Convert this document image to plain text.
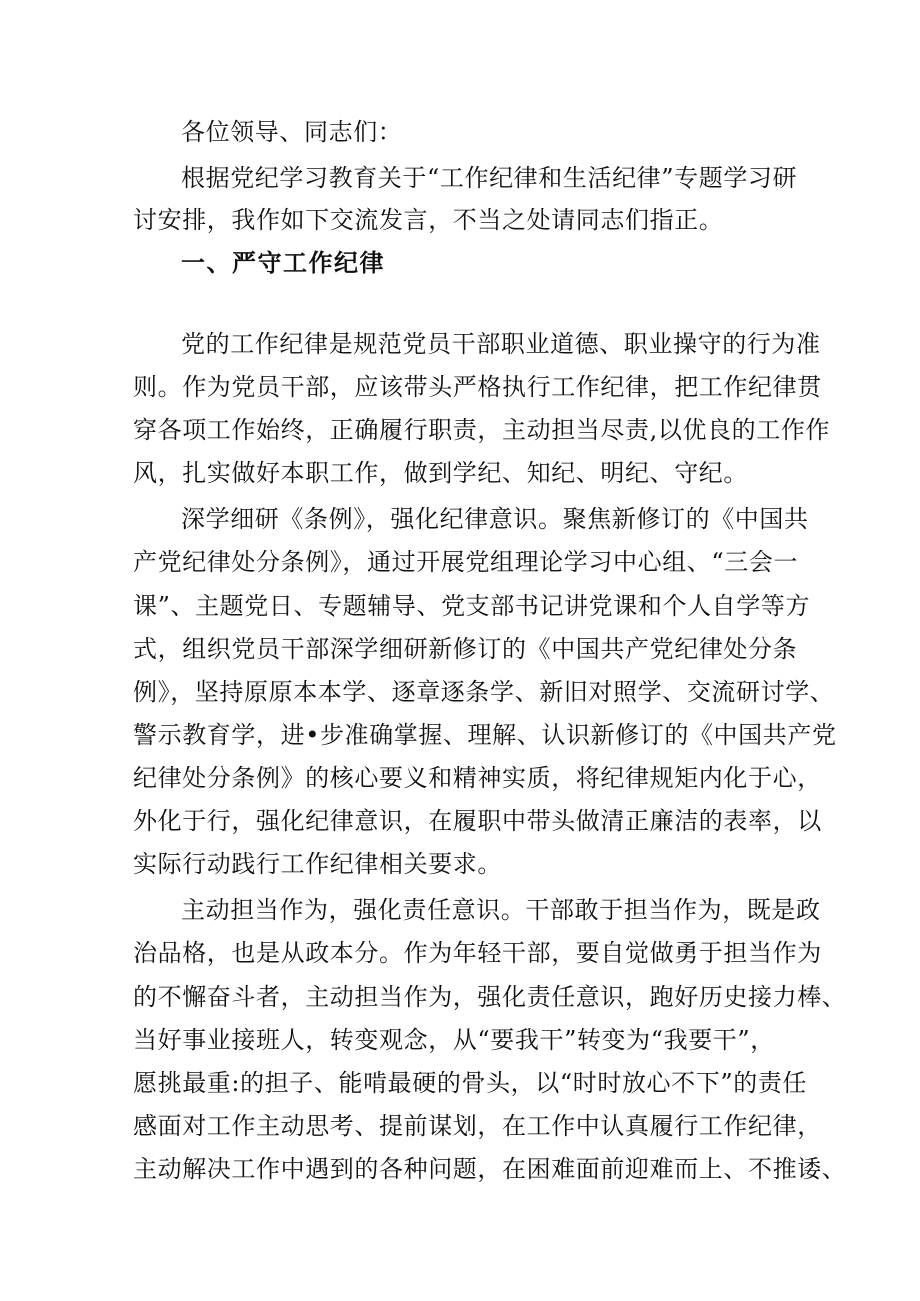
各位领导、同志们：
根据党纪学习教育关于“工作纪律和生活纪律”专题学习研
讨安排，我作如下交流发言，不当之处请同志们指正。
一、严守工作纪律
党的工作纪律是规范党员干部职业道德、职业操守的行为准
则。作为党员干部，应该带头严格执行工作纪律，把工作纪律贯
穿各项工作始终，正确履行职责，主动担当尽责,以优良的工作作
风，扎实做好本职工作，做到学纪、知纪、明纪、守纪。
深学细研《条例》，强化纪律意识。聚焦新修订的《中国共
产党纪律处分条例》，通过开展党组理论学习中心组、“三会一
课”、主题党日、专题辅导、党支部书记讲党课和个人自学等方
式，组织党员干部深学细研新修订的《中国共产党纪律处分条
例》，坚持原原本本学、逐章逐条学、新旧对照学、交流研讨学、
警示教育学，进•步准确掌握、理解、认识新修订的《中国共产党
纪律处分条例》的核心要义和精神实质，将纪律规矩内化于心，
外化于行，强化纪律意识，在履职中带头做清正廉洁的表率，以
实际行动践行工作纪律相关要求。
主动担当作为，强化责任意识。干部敢于担当作为，既是政
治品格，也是从政本分。作为年轻干部，要自觉做勇于担当作为
的不懈奋斗者，主动担当作为，强化责任意识，跑好历史接力棒、
当好事业接班人，转变观念，从“要我干”转变为“我要干”，
愿挑最重:的担子、能啃最硬的骨头，以“时时放心不下”的责任
感面对工作主动思考、提前谋划，在工作中认真履行工作纪律，
主动解决工作中遇到的各种问题，在困难面前迎难而上、不推诿、
